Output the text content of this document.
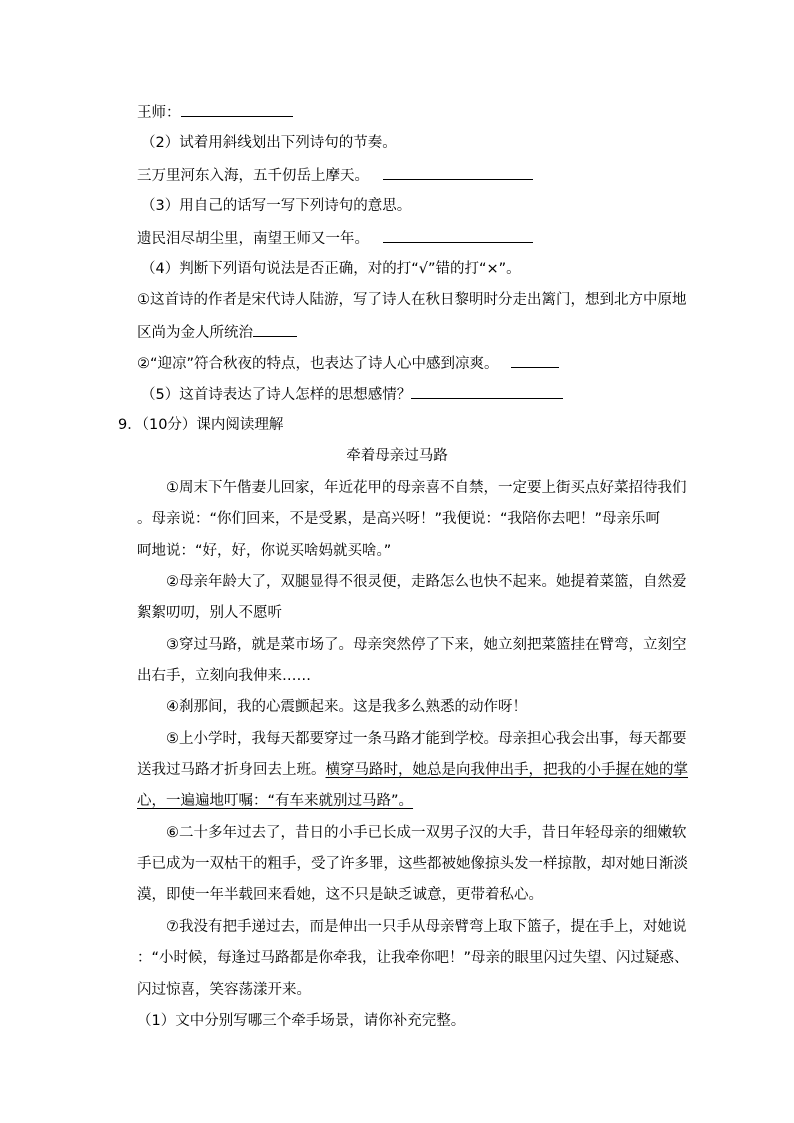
王师：
（2）试着用斜线划出下列诗句的节奏。
三万里河东入海，五千仞岳上摩天。
（3）用自己的话写一写下列诗句的意思。
遗民泪尽胡尘里，南望王师又一年。
（4）判断下列语句说法是否正确，对的打“√”错的打“×”。
①这首诗的作者是宋代诗人陆游，写了诗人在秋日黎明时分走出篱门，想到北方中原地
区尚为金人所统治
②“迎凉”符合秋夜的特点，也表达了诗人心中感到凉爽。
（5）这首诗表达了诗人怎样的思想感情？
9．（10分）课内阅读理解
牵着母亲过马路
①周末下午偕妻儿回家，年近花甲的母亲喜不自禁，一定要上街买点好菜招待我们
。母亲说：“你们回来，不是受累，是高兴呀！”我便说：“我陪你去吧！”母亲乐呵
呵地说：“好，好，你说买啥妈就买啥。”
②母亲年龄大了，双腿显得不很灵便，走路怎么也快不起来。她提着菜篮，自然爱
絮絮叨叨，别人不愿听
③穿过马路，就是菜市场了。母亲突然停了下来，她立刻把菜篮挂在臂弯，立刻空
出右手，立刻向我伸来……
④刹那间，我的心震颤起来。这是我多么熟悉的动作呀！
⑤上小学时，我每天都要穿过一条马路才能到学校。母亲担心我会出事，每天都要
送我过马路才折身回去上班。横穿马路时，她总是向我伸出手，把我的小手握在她的掌
心，一遍遍地叮嘱：“有车来就别过马路”。
⑥二十多年过去了，昔日的小手已长成一双男子汉的大手，昔日年轻母亲的细嫩软
手已成为一双枯干的粗手，受了许多罪，这些都被她像掠头发一样掠散，却对她日渐淡
漠，即使一年半载回来看她，这不只是缺乏诚意，更带着私心。
⑦我没有把手递过去，而是伸出一只手从母亲臂弯上取下篮子，提在手上，对她说
：“小时候，每逢过马路都是你牵我，让我牵你吧！”母亲的眼里闪过失望、闪过疑惑、
闪过惊喜，笑容荡漾开来。
（1）文中分别写哪三个牵手场景，请你补充完整。
